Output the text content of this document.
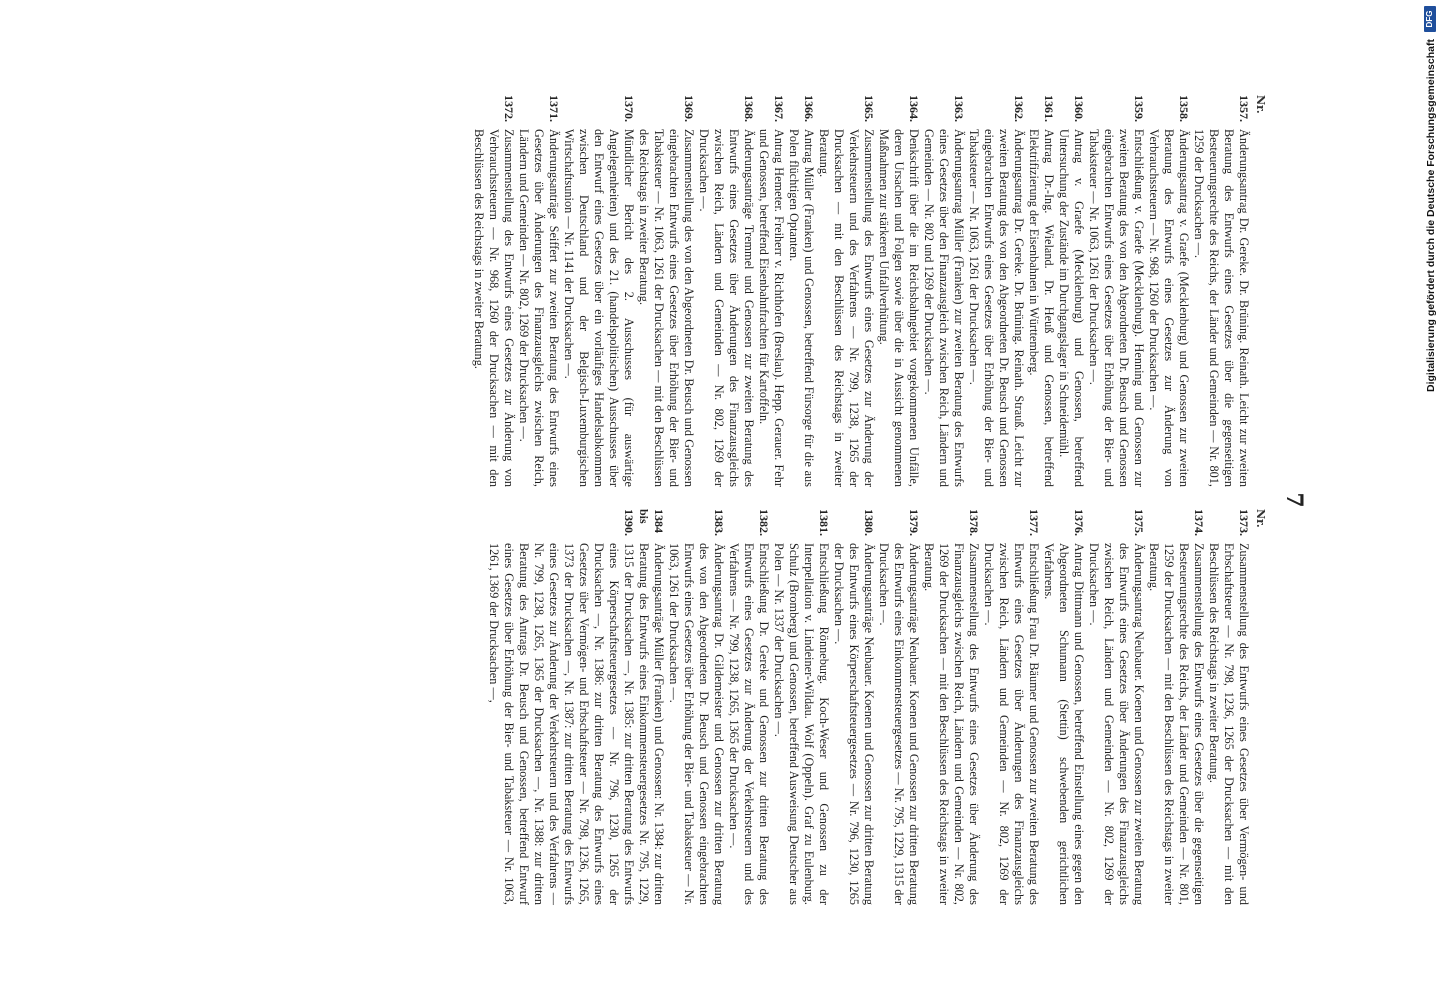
7
Nr.
1357.
Änderungsantrag Dr. Gereke. Dr. Brüning. Reinath. Leicht zur zweiten Beratung des Entwurfs eines Gesetzes über die gegenseitigen Besteuerungsrechte des Reichs, der Länder und Gemeinden — Nr. 801, 1259 der Drucksachen —.
1358.
Änderungsantrag v. Graefe (Mecklenburg) und Genossen zur zweiten Beratung des Entwurfs eines Gesetzes zur Änderung von Verbrauchssteuern — Nr. 968, 1260 der Drucksachen —.
1359.
Entschließung v. Graefe (Mecklenburg). Henning und Genossen zur zweiten Beratung des von den Abgeordneten Dr. Beusch und Genossen eingebrachten Entwurfs eines Gesetzes über Erhöhung der Bier- und Tabaksteuer — Nr. 1063, 1261 der Drucksachen —.
1360.
Antrag v. Graefe (Mecklenburg) und Genossen, betreffend Untersuchung der Zustände im Durchgangslager in Schneidemühl.
1361.
Antrag Dr.-Ing. Wieland. Dr. Heuß und Genossen, betreffend Elektrifizierung der Eisenbahnen in Württemberg.
1362.
Änderungsantrag Dr. Gereke. Dr. Brüning. Reinath. Strauß. Leicht zur zweiten Beratung des von den Abgeordneten Dr. Beusch und Genossen eingebrachten Entwurfs eines Gesetzes über Erhöhung der Bier- und Tabaksteuer — Nr. 1063, 1261 der Drucksachen —.
1363.
Änderungsantrag Müller (Franken) zur zweiten Beratung des Entwurfs eines Gesetzes über den Finanzausgleich zwischen Reich, Ländern und Gemeinden — Nr. 802 und 1269 der Drucksachen —.
1364.
Denkschrift über die im Reichsbahngebiet vorgekommenen Unfälle, deren Ursachen und Folgen sowie über die in Aussicht genommenen Maßnahmen zur stärkeren Unfallverhütung.
1365.
Zusammenstellung des Entwurfs eines Gesetzes zur Änderung der Verkehrsteuern und des Verfahrens — Nr. 799, 1238, 1265 der Drucksachen — mit den Beschlüssen des Reichstags in zweiter Beratung.
1366.
Antrag Müller (Franken) und Genossen, betreffend Fürsorge für die aus Polen flüchtigen Optanten.
1367.
Antrag Hemeter. Freiherr v. Richthofen (Breslau). Hepp. Gerauer. Fehr und Genossen, betreffend Eisenbahnfrachten für Kartoffeln.
1368.
Änderungsanträge Tremmel und Genossen zur zweiten Beratung des Entwurfs eines Gesetzes über Änderungen des Finanzausgleichs zwischen Reich, Ländern und Gemeinden — Nr. 802, 1269 der Drucksachen —.
1369.
Zusammenstellung des von den Abgeordneten Dr. Beusch und Genossen eingebrachten Entwurfs eines Gesetzes über Erhöhung der Bier- und Tabaksteuer — Nr. 1063, 1261 der Drucksachen — mit den Beschlüssen des Reichstags in zweiter Beratung.
1370.
Mündlicher Bericht des 2. Ausschusses (für auswärtige Angelegenheiten) und des 21. (handelspolitischen) Ausschusses über den Entwurf eines Gesetzes über ein vorläufiges Handelsabkommen zwischen Deutschland und der Belgisch-Luxemburgischen Wirtschaftsunion — Nr. 1141 der Drucksachen —.
1371.
Änderungsanträge Seiffert zur zweiten Beratung des Entwurfs eines Gesetzes über Änderungen des Finanzausgleichs zwischen Reich, Ländern und Gemeinden — Nr. 802, 1269 der Drucksachen —.
1372.
Zusammenstellung des Entwurfs eines Gesetzes zur Änderung von Verbrauchssteuern — Nr. 968, 1260 der Drucksachen — mit den Beschlüssen des Reichstags in zweiter Beratung.
Nr.
1373.
Zusammenstellung des Entwurfs eines Gesetzes über Vermögen- und Erbschaftsteuer — Nr. 798, 1236, 1265 der Drucksachen — mit den Beschlüssen des Reichstags in zweiter Beratung.
1374.
Zusammenstellung des Entwurfs eines Gesetzes über die gegenseitigen Besteuerungsrechte des Reichs, der Länder und Gemeinden — Nr. 801, 1259 der Drucksachen — mit den Beschlüssen des Reichstags in zweiter Beratung.
1375.
Änderungsantrag Neubauer. Koenen und Genossen zur zweiten Beratung des Entwurfs eines Gesetzes über Änderungen des Finanzausgleichs zwischen Reich, Ländern und Gemeinden — Nr. 802, 1269 der Drucksachen —.
1376.
Antrag Dittmann und Genossen, betreffend Einstellung eines gegen den Abgeordneten Schumann (Stettin) schwebenden gerichtlichen Verfahrens.
1377.
Entschließung Frau Dr. Bäumer und Genossen zur zweiten Beratung des Entwurfs eines Gesetzes über Änderungen des Finanzausgleichs zwischen Reich, Ländern und Gemeinden — Nr. 802, 1269 der Drucksachen —.
1378.
Zusammenstellung des Entwurfs eines Gesetzes über Änderung des Finanzausgleichs zwischen Reich, Ländern und Gemeinden — Nr. 802, 1269 der Drucksachen — mit den Beschlüssen des Reichstags in zweiter Beratung.
1379.
Änderungsanträge Neubauer. Koenen und Genossen zur dritten Beratung des Entwurfs eines Einkommensteuergesetzes — Nr. 795, 1229, 1315 der Drucksachen —.
1380.
Änderungsanträge Neubauer. Koenen und Genossen zur dritten Beratung des Entwurfs eines Körperschaftsteuergesetzes — Nr. 796, 1230, 1265 der Drucksachen —.
1381.
Entschließung Rönneburg. Koch-Weser und Genossen zu der Interpellation v. Lindeiner-Wildau. Wolf (Oppeln). Graf zu Eulenburg. Schulz (Bromberg) und Genossen, betreffend Ausweisung Deutscher aus Polen — Nr. 1337 der Drucksachen —.
1382.
Entschließung Dr. Gereke und Genossen zur dritten Beratung des Entwurfs eines Gesetzes zur Änderung der Verkehrsteuern und des Verfahrens — Nr. 799, 1238, 1265, 1365 der Drucksachen —.
1383.
Änderungsantrag Dr. Gildemeister und Genossen zur dritten Beratung des von den Abgeordneten Dr. Beusch und Genossen eingebrachten Entwurfs eines Gesetzes über Erhöhung der Bier- und Tabaksteuer — Nr. 1063, 1261 der Drucksachen —.
1384 bis 1390.
Änderungsanträge Müller (Franken) und Genossen: Nr. 1384: zur dritten Beratung des Entwurfs eines Einkommensteuergesetzes Nr. 795, 1229, 1315 der Drucksachen —, Nr. 1385: zur dritten Beratung des Entwurfs eines Körperschaftsteuergesetzes — Nr. 796, 1230, 1265 der Drucksachen —, Nr. 1386: zur dritten Beratung des Entwurfs eines Gesetzes über Vermögen- und Erbschaftsteuer — Nr. 798, 1236, 1265, 1373 der Drucksachen —, Nr. 1387: zur dritten Beratung des Entwurfs eines Gesetzes zur Änderung der Verkehrsteuern und des Verfahrens — Nr. 799, 1238, 1265, 1365 der Drucksachen —, Nr. 1388: zur dritten Beratung des Antrags Dr. Beusch und Genossen, betreffend Entwurf eines Gesetzes über Erhöhung der Bier- und Tabaksteuer — Nr. 1063, 1261, 1369 der Drucksachen —,
DFG
Digitalisierung gefördert durch die Deutsche Forschungsgemeinschaft
